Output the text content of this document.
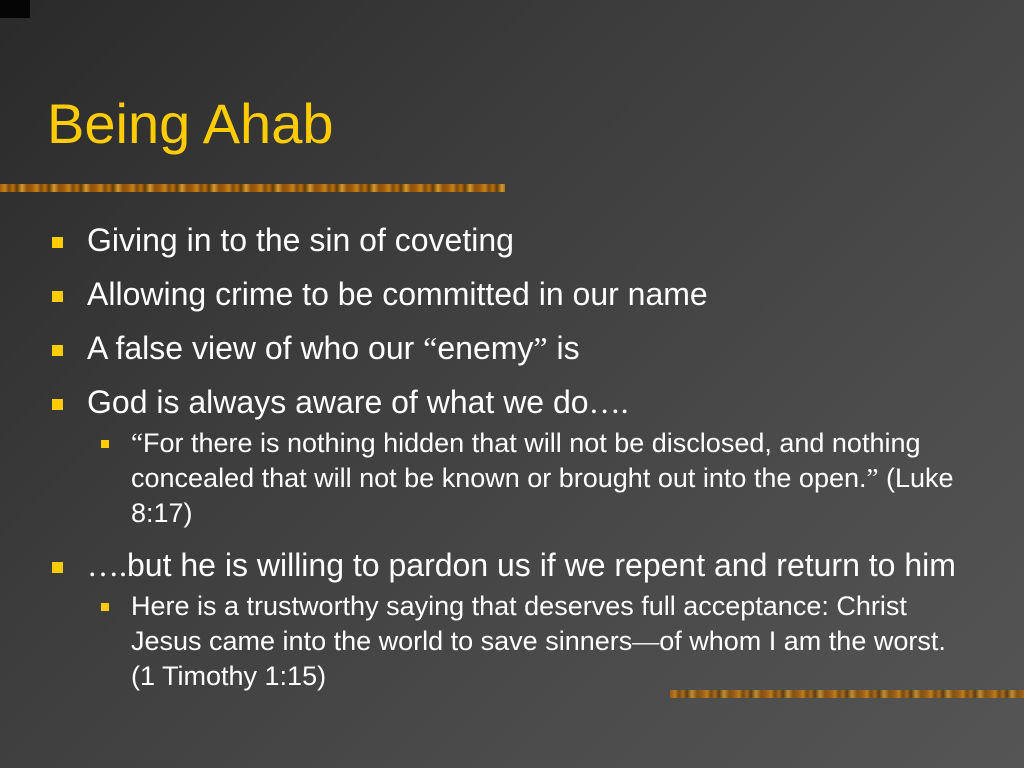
Being Ahab
Giving in to the sin of coveting
Allowing crime to be committed in our name
A false view of who our “enemy” is
God is always aware of what we do….
“For there is nothing hidden that will not be disclosed, and nothing concealed that will not be known or brought out into the open.” (Luke 8:17)
….but he is willing to pardon us if we repent and return to him
Here is a trustworthy saying that deserves full acceptance: Christ Jesus came into the world to save sinners—of whom I am the worst. (1 Timothy 1:15)
